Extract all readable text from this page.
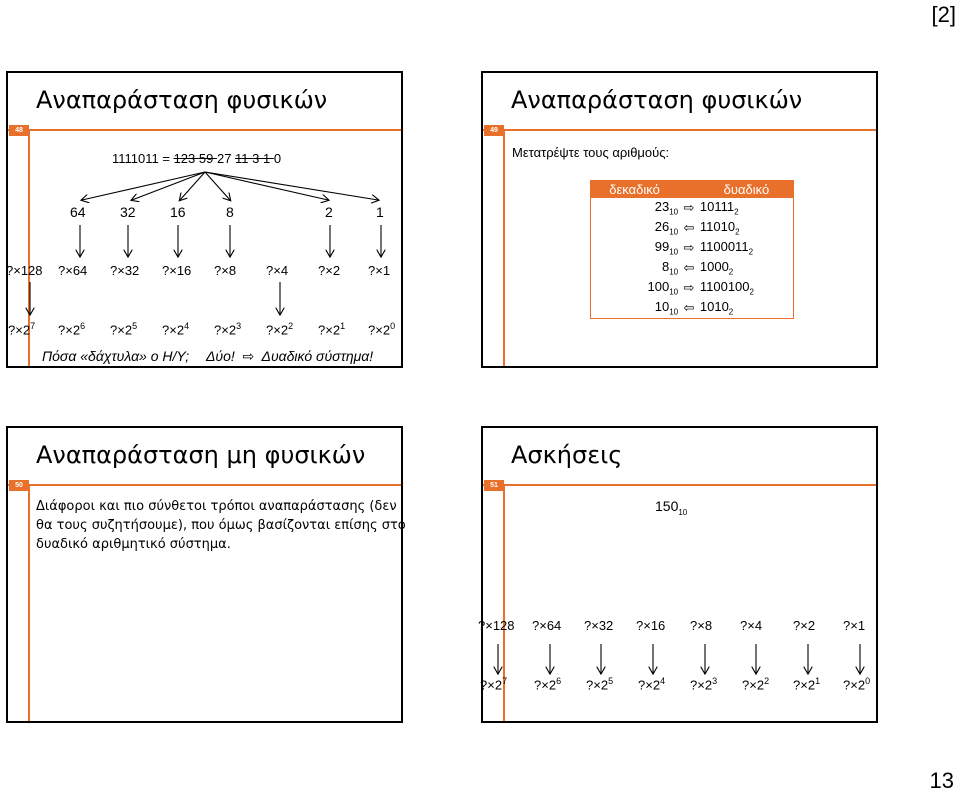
[2]
13
Αναπαράσταση φυσικών
48
1111011 = 123 59 27 11 3 1 0
64 32 16	8	2	1
?×128 ?×64 ?×32 ?×16 ?×8 ?×4 ?×2 ?×1
$?\times 2^7$ $?\times 2^6$ $?\times 2^5$ $?\times 2^4$ $?\times 2^3$ $?\times 2^2$ $?\times 2^1$ $?\times 2^0$
Πόσα «δάχτυλα» ο Η/Υ; Δύο!  ⇨  Δυαδικό σύστημα!
Αναπαράσταση φυσικών
49
Μετατρέψτε τους αριθμούς:
δεκαδικό		δυαδικό
$23_{10}$	⇨	$10111_2$
$26_{10}$	⇦	$11010_2$
$99_{10}$	⇨	$1100011_2$
$8_{10}$	⇦	$1000_2$
$100_{10}$	⇨	$1100100_2$
$10_{10}$	⇦	$1010_2$
Αναπαράσταση μη φυσικών
50
Διάφοροι και πιο σύνθετοι τρόποι αναπαράστασης (δεν
θα τους συζητήσουμε), που όμως βασίζονται επίσης στο
δυαδικό αριθμητικό σύστημα.
Ασκήσεις
51
$150_{10}$
?×128 ?×64 ?×32 ?×16 ?×8 ?×4 ?×2 ?×1
$?\times 2^7$ $?\times 2^6$ $?\times 2^5$ $?\times 2^4$ $?\times 2^3$ $?\times 2^2$ $?\times 2^1$ $?\times 2^0$
